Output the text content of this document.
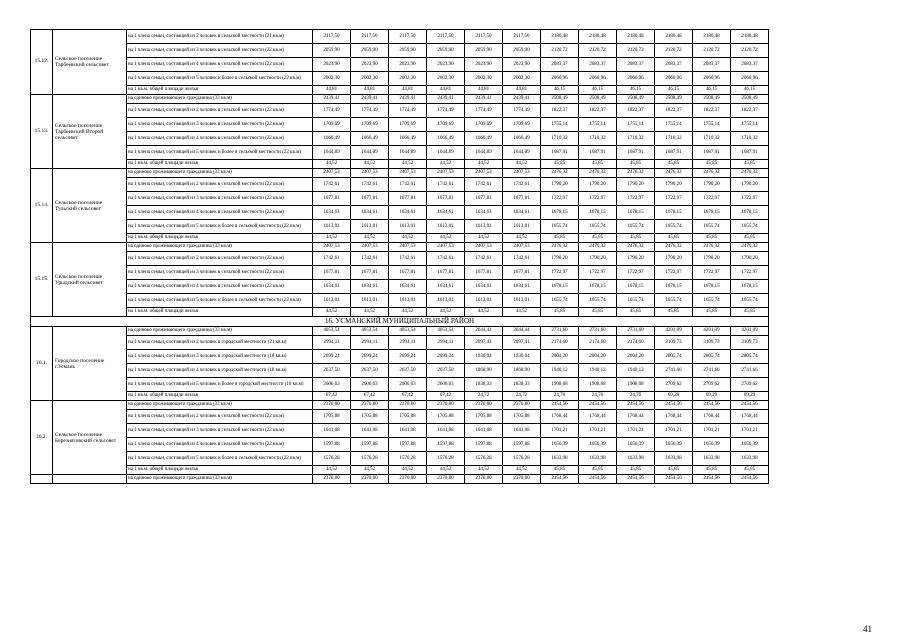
15.12.	Сельское поселение Тарбеевский сельсовет	на 1 члена семьи, состоящей из 2 человек в сельской местности (21 кв.м)	2117,50	2117,50	2117,50	2117,50	2117,50	2117,50	2180,48	2180,48	2180,48	2180,48	2180,48	2180,48
		на 1 члена семьи, состоящей из 3 человек в сельской местности (22 кв.м)	2059,90	2059,90	2059,90	2059,90	2059,90	2059,90	2120,72	2120,72	2120,72	2120,72	2120,72	2120,72
		на 1 члена семьи, состоящей из 4 человек в сельской местности (22 кв.м)	2023,90	2023,90	2023,90	2023,90	2023,90	2023,90	2083,37	2083,37	2083,37	2083,37	2083,37	2083,37
		на 1 члена семьи, состоящей из 5 человек и более в сельской местности (22 кв.м)	2002,30	2002,30	2002,30	2002,30	2002,30	2002,30	2060,96	2060,96	2060,96	2060,96	2060,96	2060,96
		на 1 кв.м. общей площади жилья	44,81	44,81	44,81	44,81	44,81	44,81	46,15	46,15	46,15	46,15	46,15	46,15
15.13.	Сельское поселение Тарбеевский Второй сельсовет	на одиноко проживающего гражданина (33 кв.м)	2439,41	2439,41	2439,41	2439,41	2439,41	2439,41	2508,49	2508,49	2508,49	2508,49	2508,49	2508,49
		на 1 члена семьи, состоящей из 2 человек в сельской местности (22 кв.м)	1774,49	1774,49	1774,49	1774,49	1774,49	1774,49	1822,37	1822,37	1822,37	1822,37	1822,37	1822,37
		на 1 члена семьи, состоящей из 3 человек в сельской местности (22 кв.м)	1709,69	1709,69	1709,69	1709,69	1709,69	1709,69	1755,14	1755,14	1755,14	1755,14	1755,14	1755,14
		на 1 члена семьи, состоящей из 4 человек в сельской местности (22 кв.м)	1666,49	1666,49	1666,49	1666,49	1666,49	1666,49	1710,32	1710,32	1710,32	1710,32	1710,32	1710,32
		на 1 члена семьи, состоящей из 5 человек и более в сельской местности (22 кв.м)	1644,89	1644,89	1644,89	1644,89	1644,89	1644,89	1687,91	1687,91	1687,91	1687,91	1687,91	1687,91
		на 1 кв.м. общей площади жилья	44,52	44,52	44,52	44,52	44,52	44,52	45,85	45,85	45,85	45,85	45,85	45,85
15.14.	Сельское поселение Тульский сельсовет	на одиноко проживающего гражданина (33 кв.м)	2407,53	2407,53	2407,53	2407,53	2407,53	2407,53	2476,32	2476,32	2476,32	2476,32	2476,32	2476,32
		на 1 члена семьи, состоящей из 2 человек в сельской местности (22 кв.м)	1742,61	1742,61	1742,61	1742,61	1742,61	1742,61	1790,20	1790,20	1790,20	1790,20	1790,20	1790,20
		на 1 члена семьи, состоящей из 3 человек в сельской местности (22 кв.м)	1677,81	1677,81	1677,81	1677,81	1677,81	1677,81	1722,97	1722,97	1722,97	1722,97	1722,97	1722,97
		на 1 члена семьи, состоящей из 4 человек в сельской местности (22 кв.м)	1634,61	1634,61	1634,61	1634,61	1634,61	1634,61	1678,15	1678,15	1678,15	1678,15	1678,15	1678,15
		на 1 члена семьи, состоящей из 5 человек и более в сельской местности (22 кв.м)	1613,01	1613,01	1613,01	1613,01	1613,01	1613,01	1655,74	1655,74	1655,74	1655,74	1655,74	1655,74
		на 1 кв.м. общей площади жилья	44,52	44,52	44,52	44,52	44,52	44,52	45,85	45,85	45,85	45,85	45,85	45,85
15.15.	Сельское поселение Урыдский сельсовет	на одиноко проживающего гражданина (33 кв.м)	2407,53	2407,53	2407,53	2407,53	2407,53	2407,53	2476,32	2476,32	2476,32	2476,32	2476,32	2476,32
		на 1 члена семьи, состоящей из 2 человек в сельской местности (22 кв.м)	1742,61	1742,61	1742,61	1742,61	1742,61	1742,61	1790,20	1790,20	1790,20	1790,20	1790,20	1790,20
		на 1 члена семьи, состоящей из 3 человек в сельской местности (22 кв.м)	1677,81	1677,81	1677,81	1677,81	1677,81	1677,81	1722,97	1722,97	1722,97	1722,97	1722,97	1722,97
		на 1 члена семьи, состоящей из 4 человек в сельской местности (22 кв.м)	1634,61	1634,61	1634,61	1634,61	1634,61	1634,61	1678,15	1678,15	1678,15	1678,15	1678,15	1678,15
		на 1 члена семьи, состоящей из 5 человек и более в сельской местности (22 кв.м)	1613,01	1613,01	1613,01	1613,01	1613,01	1613,01	1655,74	1655,74	1655,74	1655,74	1655,74	1655,74
		на 1 кв.м. общей площади жилья	44,52	44,52	44,52	44,52	44,52	44,52	45,85	45,85	45,85	45,85	45,85	45,85
16. УСМАНСКИЙ МУНИЦИПАЛЬНЫЙ РАЙОН														
16.1.	Городское поселение г.Усмань	на одиноко проживающего гражданина (33 кв.м)	4053,54	4053,54	4053,54	4053,54	2644,44	2644,44	2731,60	2731,60	2731,60	4201,09	4201,09	4201,09
		на 1 члена семьи, состоящей из 2 человек в городской местности (21 кв.м)	2994,11	2994,11	2994,11	2994,11	2097,41	2097,41	2174,60	2174,60	2174,60	3109,73	3109,73	3109,73
		на 1 члена семьи, состоящей из 3 человек в городской местности (18 кв.м)	2699,24	2699,24	2699,24	2699,24	1930,04	1930,04	2004,20	2004,20	2004,20	2805,74	2805,74	2805,74
		на 1 члена семьи, состоящей из 4 человек в городской местности (18 кв.м)	2637,50	2637,50	2637,50	2637,50	1868,90	1868,90	1940,12	1940,12	1940,12	2741,66	2741,66	2741,66
		на 1 члена семьи, состоящей из 5 человек и более в городской местности (18 кв.м)	2606,63	2606,63	2606,63	2606,63	1838,33	1838,33	1908,08	1908,08	1908,08	2709,62	2709,62	2709,62
		на 1 кв.м. общей площади жилья	67,42	67,42	67,42	67,42	24,72	24,72	24,76	24,76	24,76	69,29	69,29	69,29
16.2.	Сельское поселение Березняговский сельсовет	на одиноко проживающего гражданина (33 кв.м)	2370,80	2370,80	2370,80	2370,80	2370,80	2370,80	2454,56	2454,56	2454,56	2454,56	2454,56	2454,56
		на 1 члена семьи, состоящей из 2 человек в сельской местности (22 кв.м)	1705,88	1705,88	1705,88	1705,88	1705,88	1705,88	1768,44	1768,44	1768,44	1768,44	1768,44	1768,44
		на 1 члена семьи, состоящей из 3 человек в сельской местности (22 кв.м)	1641,08	1641,08	1641,08	1641,08	1641,08	1641,08	1701,21	1701,21	1701,21	1701,21	1701,21	1701,21
		на 1 члена семьи, состоящей из 4 человек в сельской местности (22 кв.м)	1597,88	1597,88	1597,88	1597,88	1597,88	1597,88	1656,39	1656,39	1656,39	1656,39	1656,39	1656,39
		на 1 члена семьи, состоящей из 5 человек и более в сельской местности (22 кв.м)	1576,28	1576,28	1576,28	1576,28	1576,28	1576,28	1633,98	1633,98	1633,98	1633,98	1633,98	1633,98
		на 1 кв.м. общей площади жилья	44,52	44,52	44,52	44,52	44,52	44,52	45,85	45,85	45,85	45,85	45,85	45,85
		на одиноко проживающего гражданина (33 кв.м)	2370,80	2370,80	2370,80	2370,80	2370,80	2370,80	2454,56	2454,56	2454,56	2454,56	2454,56	2454,56
41
